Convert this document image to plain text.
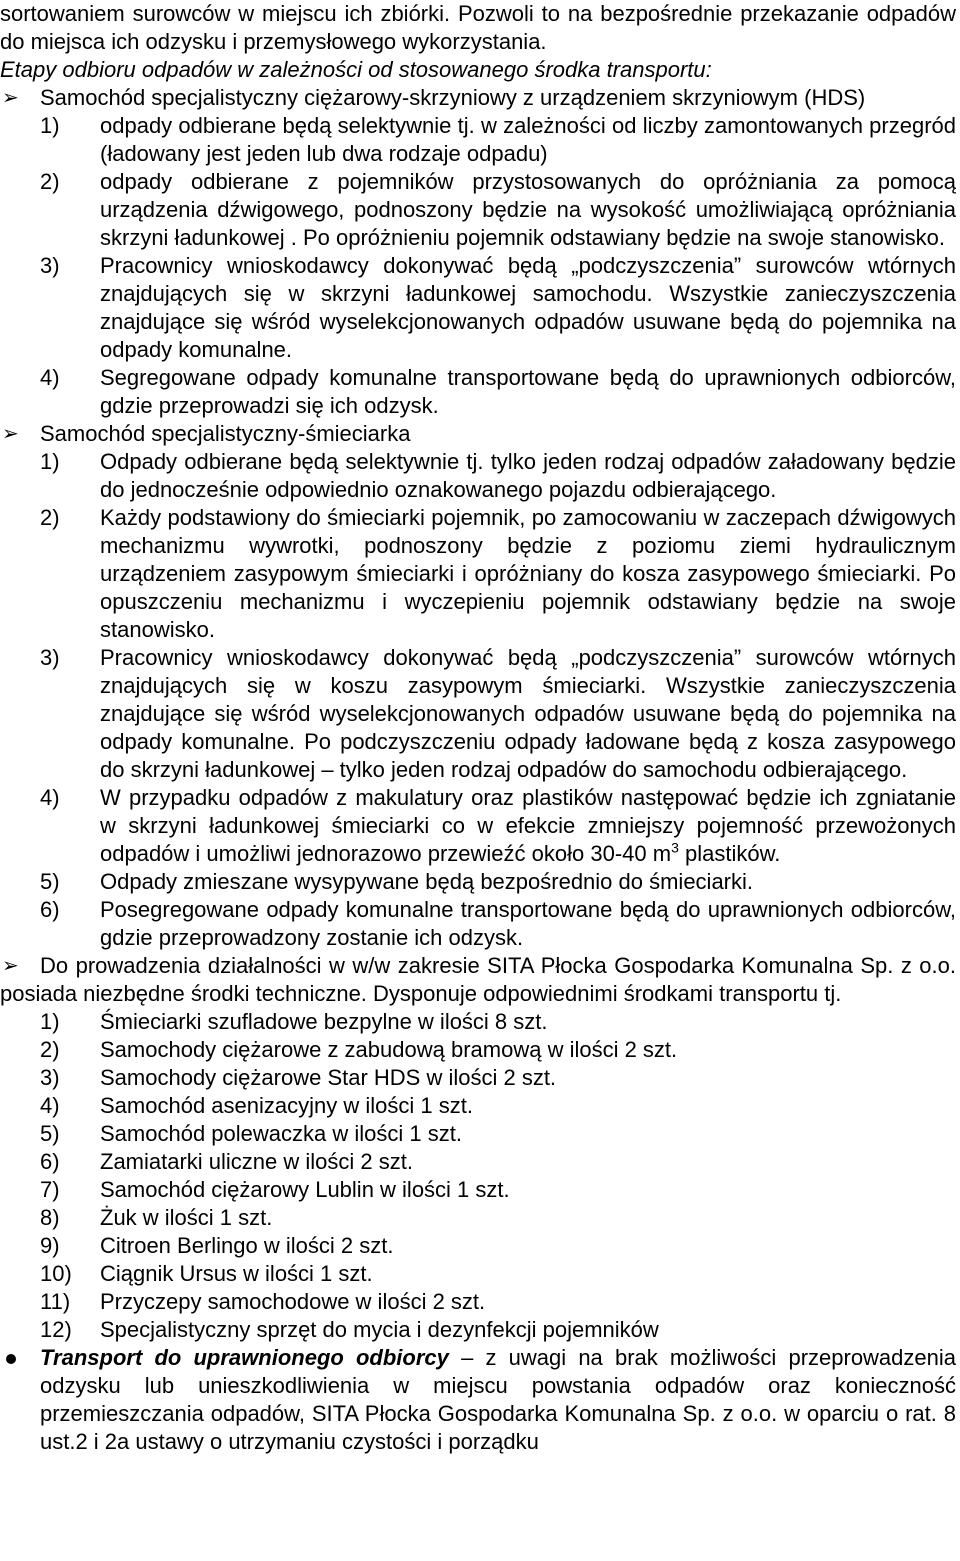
sortowaniem surowców w miejscu ich zbiórki. Pozwoli to na bezpośrednie przekazanie odpadów do miejsca ich odzysku i przemysłowego wykorzystania.

Etapy odbioru odpadów w zależności od stosowanego środka transportu:

➢ Samochód specjalistyczny ciężarowy-skrzyniowy z urządzeniem skrzyniowym (HDS)

1) odpady odbierane będą selektywnie tj. w zależności od liczby zamontowanych przegród (ładowany jest jeden lub dwa rodzaje odpadu)
2) odpady odbierane z pojemników przystosowanych do opróżniania za pomocą urządzenia dźwigowego, podnoszony będzie na wysokość umożliwiającą opróżniania skrzyni ładunkowej . Po opróżnieniu pojemnik odstawiany będzie na swoje stanowisko.
3) Pracownicy wnioskodawcy dokonywać będą „podczyszczenia” surowców wtórnych znajdujących się w skrzyni ładunkowej samochodu. Wszystkie zanieczyszczenia znajdujące się wśród wyselekcjonowanych odpadów usuwane będą do pojemnika na odpady komunalne.
4) Segregowane odpady komunalne transportowane będą do uprawnionych odbiorców, gdzie przeprowadzi się ich odzysk.
➢ Samochód specjalistyczny-śmieciarka

1) Odpady odbierane będą selektywnie tj. tylko jeden rodzaj odpadów załadowany będzie do jednocześnie odpowiednio oznakowanego pojazdu odbierającego.
2) Każdy podstawiony do śmieciarki pojemnik, po zamocowaniu w zaczepach dźwigowych mechanizmu wywrotki, podnoszony będzie z poziomu ziemi hydraulicznym urządzeniem zasypowym śmieciarki i opróżniany do kosza zasypowego śmieciarki. Po opuszczeniu mechanizmu i wyczepieniu pojemnik odstawiany będzie na swoje stanowisko.
3) Pracownicy wnioskodawcy dokonywać będą „podczyszczenia” surowców wtórnych znajdujących się w koszu zasypowym śmieciarki. Wszystkie zanieczyszczenia znajdujące się wśród wyselekcjonowanych odpadów usuwane będą do pojemnika na odpady komunalne. Po podczyszczeniu odpady ładowane będą z kosza zasypowego do skrzyni ładunkowej – tylko jeden rodzaj odpadów do samochodu odbierającego.
4) W przypadku odpadów z makulatury oraz plastików następować będzie ich zgniatanie w skrzyni ładunkowej śmieciarki co w efekcie zmniejszy pojemność przewożonych odpadów i umożliwi jednorazowo przewieźć około 30-40 $m^3$ plastików.
5) Odpady zmieszane wysypywane będą bezpośrednio do śmieciarki.
6) Posegregowane odpady komunalne transportowane będą do uprawnionych odbiorców, gdzie przeprowadzony zostanie ich odzysk.
➢ Do prowadzenia działalności w w/w zakresie SITA Płocka Gospodarka Komunalna Sp. z o.o. posiada niezbędne środki techniczne. Dysponuje odpowiednimi środkami transportu tj.

1) Śmieciarki szufladowe bezpylne w ilości 8 szt.
2) Samochody ciężarowe z zabudową bramową w ilości 2 szt.
3) Samochody ciężarowe Star HDS w ilości 2 szt.
4) Samochód asenizacyjny w ilości 1 szt.
5) Samochód polewaczka w ilości 1 szt.
6) Zamiatarki uliczne w ilości 2 szt.
7) Samochód ciężarowy Lublin w ilości 1 szt.
8) Żuk w ilości 1 szt.
9) Citroen Berlingo w ilości 2 szt.
10) Ciągnik Ursus w ilości 1 szt.
11) Przyczepy samochodowe w ilości 2 szt.
12) Specjalistyczny sprzęt do mycia i dezynfekcji pojemników

Transport do uprawnionego odbiorcy – z uwagi na brak możliwości przeprowadzenia odzysku lub unieszkodliwienia w miejscu powstania odpadów oraz konieczność przemieszczania odpadów, SITA Płocka Gospodarka Komunalna Sp. z o.o. w oparciu o rat. 8 ust.2 i 2a ustawy o utrzymaniu czystości i porządku
